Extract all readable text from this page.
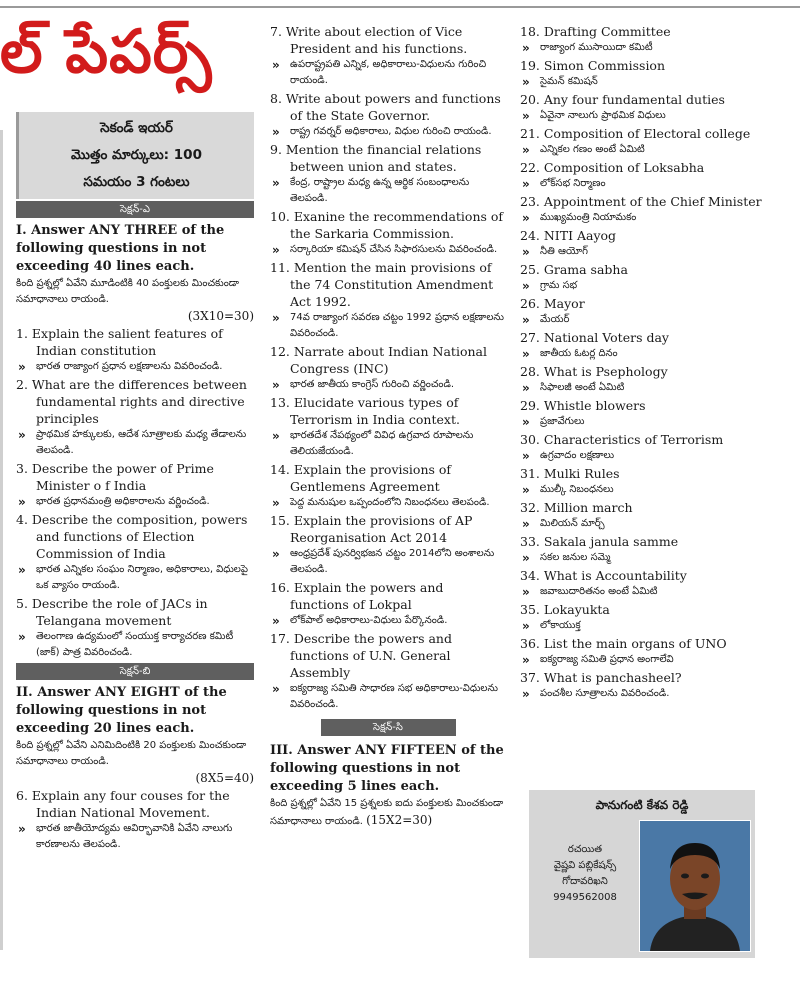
ల్ పేపర్స్
సెకండ్ ఇయర్
మొత్తం మార్కులు: 100
సమయం 3 గంటలు
సెక్షన్-ఎ
I. Answer ANY THREE of the following questions in not exceeding 40 lines each.
కింది ప్రశ్నల్లో ఏవేని మూడింటికి 40 పంక్తులకు మించకుండా సమాధానాలు రాయండి.
(3X10=30)
1. Explain the salient features of Indian constitution
» భారత రాజ్యాంగ ప్రధాన లక్షణాలను వివరించండి.
2. What are the differences between fundamental rights and directive principles
» ప్రాథమిక హక్కులకు, ఆదేశ సూత్రాలకు మధ్య తేడాలను తెలపండి.
3. Describe the power of Prime Minister o f India
» భారత ప్రధానమంత్రి అధికారాలను వర్ణించండి.
4. Describe the composition, powers and functions of Election Commission of India
» భారత ఎన్నికల సంఘం నిర్మాణం, అధికారాలు, విధులపై ఒక వ్యాసం రాయండి.
5. Describe the role of JACs in Telangana movement
» తెలంగాణ ఉద్యమంలో సంయుక్త కార్యాచరణ కమిటీ (జాక్) పాత్ర వివరించండి.
సెక్షన్-బి
II. Answer ANY EIGHT of the following questions in not exceeding 20 lines each.
కింది ప్రశ్నల్లో ఏవేని ఎనిమిదింటికి 20 పంక్తులకు మించకుండా సమాధానాలు రాయండి.
(8X5=40)
6. Explain any four couses for the Indian National Movement.
» భారత జాతీయోద్యమ ఆవిర్భావానికి ఏవేని నాలుగు కారణాలను తెలపండి.
7. Write about election of Vice President and his functions.
» ఉపరాష్ట్రపతి ఎన్నిక, అధికారాలు-విధులను గురించి రాయండి.
8. Write about powers and functions of the State Governor.
» రాష్ట్ర గవర్నర్ అధికారాలు, విధుల గురించి రాయండి.
9. Mention the financial relations between union and states.
» కేంద్ర, రాష్ట్రాల మధ్య ఉన్న ఆర్థిక సంబంధాలను తెలపండి.
10. Exanine the recommendations of the Sarkaria Commission.
» సర్కారియా కమిషన్ చేసిన సిఫారసులను వివరించండి.
11. Mention the main provisions of the 74 Constitution Amendment Act 1992.
» 74వ రాజ్యాంగ సవరణ చట్టం 1992 ప్రధాన లక్షణాలను వివరించండి.
12. Narrate about Indian National Congress (INC)
» భారత జాతీయ కాంగ్రెస్ గురించి వర్ణించండి.
13. Elucidate various types of Terrorism in India context.
» భారతదేశ నేపథ్యంలో వివిధ ఉగ్రవాద రూపాలను తెలియజేయండి.
14. Explain the provisions of Gentlemens Agreement
» పెద్ద మనుషుల ఒప్పందంలోని నిబంధనలు తెలపండి.
15. Explain the provisions of AP Reorganisation Act 2014
» ఆంధ్రప్రదేశ్ పునర్విభజన చట్టం 2014లోని అంశాలను తెలపండి.
16. Explain the powers and functions of Lokpal
» లోక్‌పాల్ అధికారాలు-విధులు పేర్కొనండి.
17. Describe the powers and functions of U.N. General Assembly
» ఐక్యరాజ్య సమితి సాధారణ సభ అధికారాలు-విధులను వివరించండి.
సెక్షన్-సి
III. Answer ANY FIFTEEN of the following questions in not exceeding 5 lines each.
కింది ప్రశ్నల్లో ఏవేని 15 ప్రశ్నలకు ఐదు పంక్తులకు మించకుండా సమాధానాలు రాయండి. (15X2=30)
18. Drafting Committee
» రాజ్యాంగ ముసాయిదా కమిటీ
19. Simon Commission
» సైమన్ కమిషన్
20. Any four fundamental duties
» ఏవైనా నాలుగు ప్రాథమిక విధులు
21. Composition of Electoral college
» ఎన్నికల గణం అంటే ఏమిటి
22. Composition of Loksabha
» లోక్‌సభ నిర్మాణం
23. Appointment of the Chief Minister
» ముఖ్యమంత్రి నియామకం
24. NITI Aayog
» నీతి ఆయోగ్
25. Grama sabha
» గ్రామ సభ
26. Mayor
» మేయర్
27. National Voters day
» జాతీయ ఓటర్ల దినం
28. What is Psephology
» సిఫాలజీ అంటే ఏమిటి
29. Whistle blowers
» ప్రజావేగులు
30. Characteristics of Terrorism
» ఉగ్రవాదం లక్షణాలు
31. Mulki Rules
» ముల్కీ నిబంధనలు
32. Million march
» మిలియన్ మార్చ్
33. Sakala janula samme
» సకల జనుల సమ్మె
34. What is Accountability
» జవాబుదారితనం అంటే ఏమిటి
35. Lokayukta
» లోకాయుక్త
36. List the main organs of UNO
» ఐక్యరాజ్య సమితి ప్రధాన అంగాలేవి
37. What is panchasheel?
» పంచశీల సూత్రాలను వివరించండి.
పానుగంటి కేశవ రెడ్డి
రచయిత
వైష్ణవి పబ్లికేషన్స్
గోదావరిఖని
9949562008
